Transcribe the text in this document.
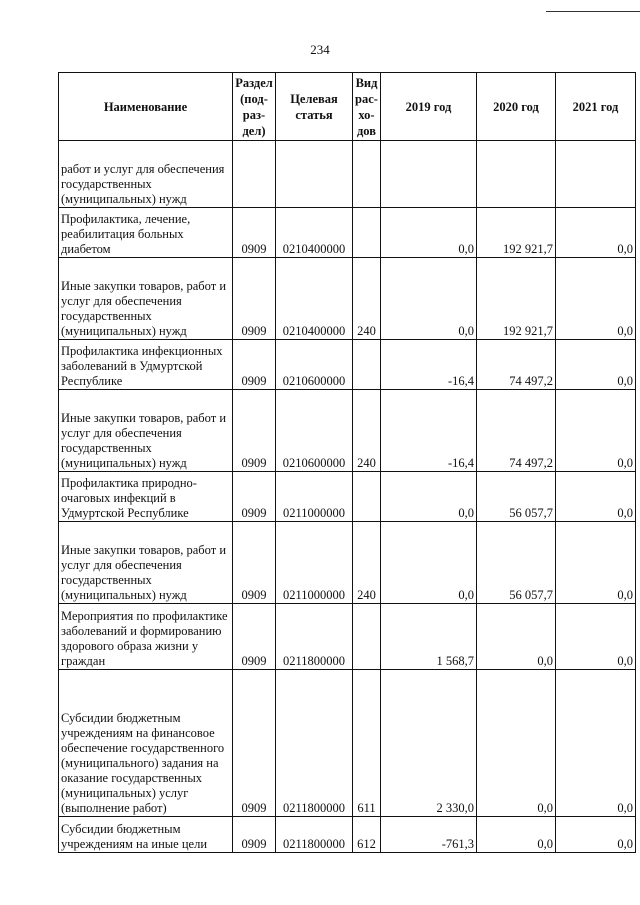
234
Наименование	Раздел (под-раз-дел)	Целевая статья	Вид рас-хо-дов	2019 год	2020 год	2021 год
работ и услуг для обеспечения государственных (муниципальных) нужд						
Профилактика, лечение, реабилитация больных диабетом	0909	0210400000		0,0	192 921,7	0,0
Иные закупки товаров, работ и услуг для обеспечения государственных (муниципальных) нужд	0909	0210400000	240	0,0	192 921,7	0,0
Профилактика инфекционных заболеваний в Удмуртской Республике	0909	0210600000		-16,4	74 497,2	0,0
Иные закупки товаров, работ и услуг для обеспечения государственных (муниципальных) нужд	0909	0210600000	240	-16,4	74 497,2	0,0
Профилактика природно-очаговых инфекций в Удмуртской Республике	0909	0211000000		0,0	56 057,7	0,0
Иные закупки товаров, работ и услуг для обеспечения государственных (муниципальных) нужд	0909	0211000000	240	0,0	56 057,7	0,0
Мероприятия по профилактике заболеваний и формированию здорового образа жизни у граждан	0909	0211800000		1 568,7	0,0	0,0
Субсидии бюджетным учреждениям на финансовое обеспечение государственного (муниципального) задания на оказание государственных (муниципальных) услуг (выполнение работ)	0909	0211800000	611	2 330,0	0,0	0,0
Субсидии бюджетным учреждениям на иные цели	0909	0211800000	612	-761,3	0,0	0,0
